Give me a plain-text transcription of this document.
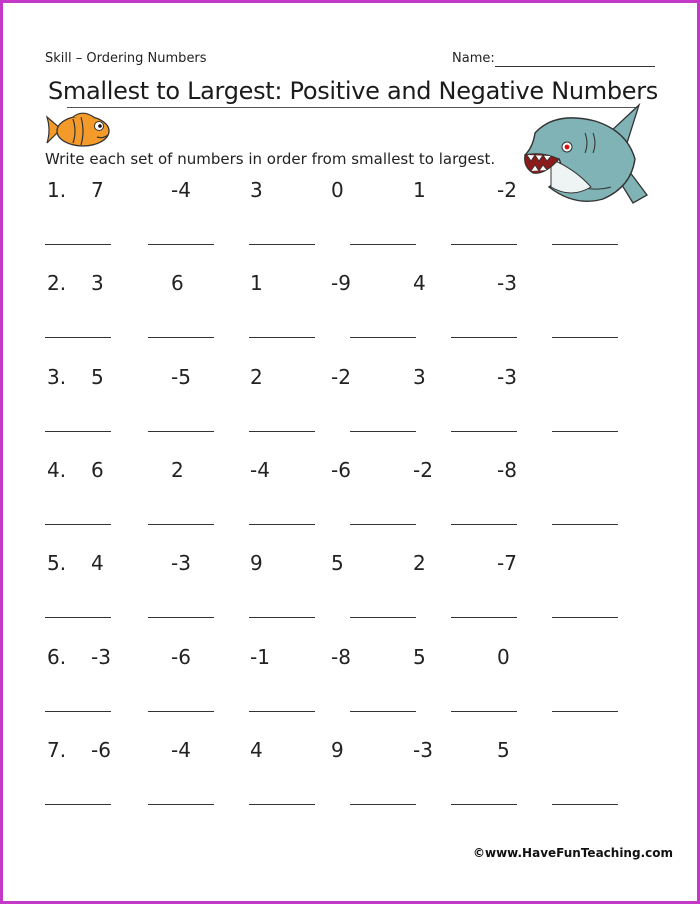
Skill – Ordering Numbers	Name:
Smallest to Largest: Positive and Negative Numbers
Write each set of numbers in order from smallest to largest.
1. 7	-4	3	0	1	-2
2. 3	6	1	-9	4	-3
3. 5	-5	2	-2	3	-3
4. 6	2	-4	-6	-2	-8
5. 4	-3	9	5	2	-7
6. -3	-6	-1	-8	5	0
7. -6	-4	4	9	-3	5
©www.HaveFunTeaching.com
